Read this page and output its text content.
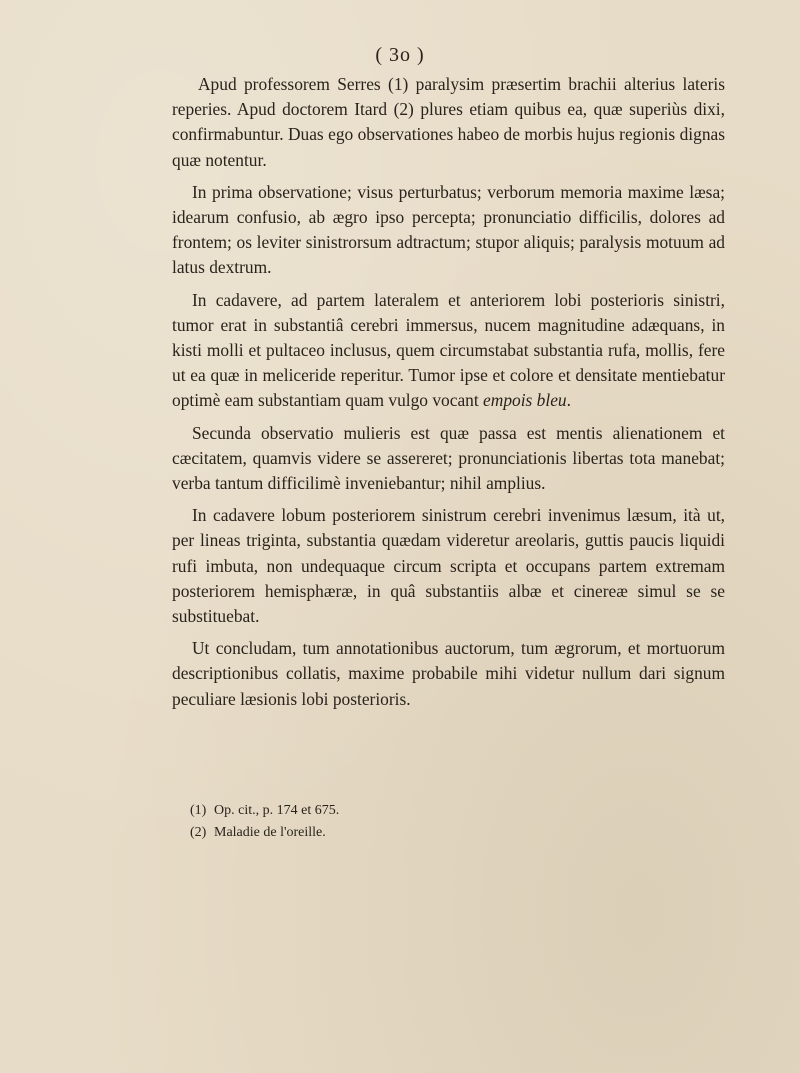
( 3o )

Apud professorem Serres (1) paralysim præsertim brachii alterius lateris reperies. Apud doctorem Itard (2) plures etiam quibus ea, quæ superiùs dixi, confirmabuntur. Duas ego observationes habeo de morbis hujus regionis dignas quæ notentur.

In prima observatione; visus perturbatus; verborum memoria maxime læsa; idearum confusio, ab ægro ipso percepta; pronunciatio difficilis, dolores ad frontem; os leviter sinistrorsum adtractum; stupor aliquis; paralysis motuum ad latus dextrum.

In cadavere, ad partem lateralem et anteriorem lobi posterioris sinistri, tumor erat in substantiâ cerebri immersus, nucem magnitudine adæquans, in kisti molli et pultaceo inclusus, quem circumstabat substantia rufa, mollis, fere ut ea quæ in meliceride reperitur. Tumor ipse et colore et densitate mentiebatur optimè eam substantiam quam vulgo vocant empois bleu.

Secunda observatio mulieris est quæ passa est mentis alienationem et cæcitatem, quamvis videre se assereret; pronunciationis libertas tota manebat; verba tantum difficilimè inveniebantur; nihil amplius.

In cadavere lobum posteriorem sinistrum cerebri invenimus læsum, ità ut, per lineas triginta, substantia quædam videretur areolaris, guttis paucis liquidi rufi imbuta, non undequaque circum scripta et occupans partem extremam posteriorem hemisphæræ, in quâ substantiis albæ et cinereæ simul se se substituebat.

Ut concludam, tum annotationibus auctorum, tum ægrorum, et mortuorum descriptionibus collatis, maxime probabile mihi videtur nullum dari signum peculiare læsionis lobi posterioris.

(1) Op. cit., p. 174 et 675.

(2) Maladie de l'oreille.
